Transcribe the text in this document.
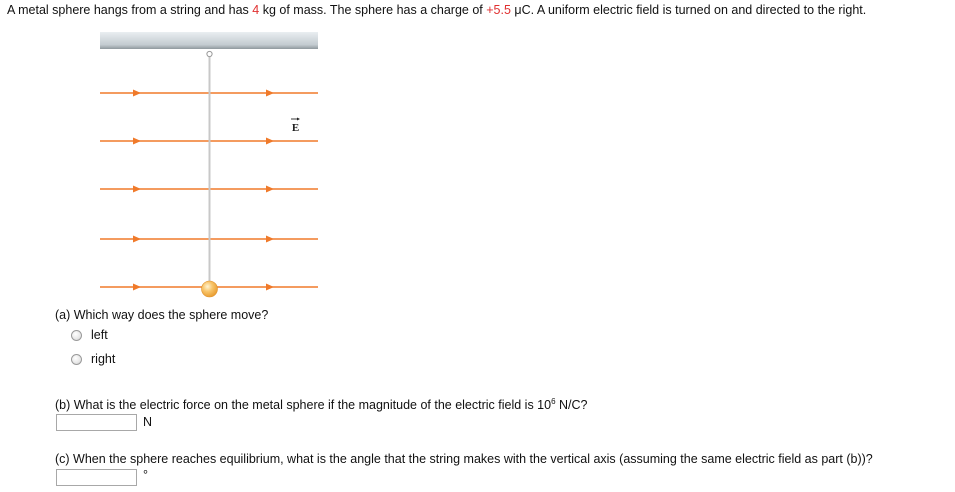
A metal sphere hangs from a string and has 4 kg of mass. The sphere has a charge of +5.5 μC. A uniform electric field is turned on and directed to the right.
E
(a) Which way does the sphere move?
left
right
(b) What is the electric force on the metal sphere if the magnitude of the electric field is $10^6$ N/C?
N
(c) When the sphere reaches equilibrium, what is the angle that the string makes with the vertical axis (assuming the same electric field as part (b))?
°
